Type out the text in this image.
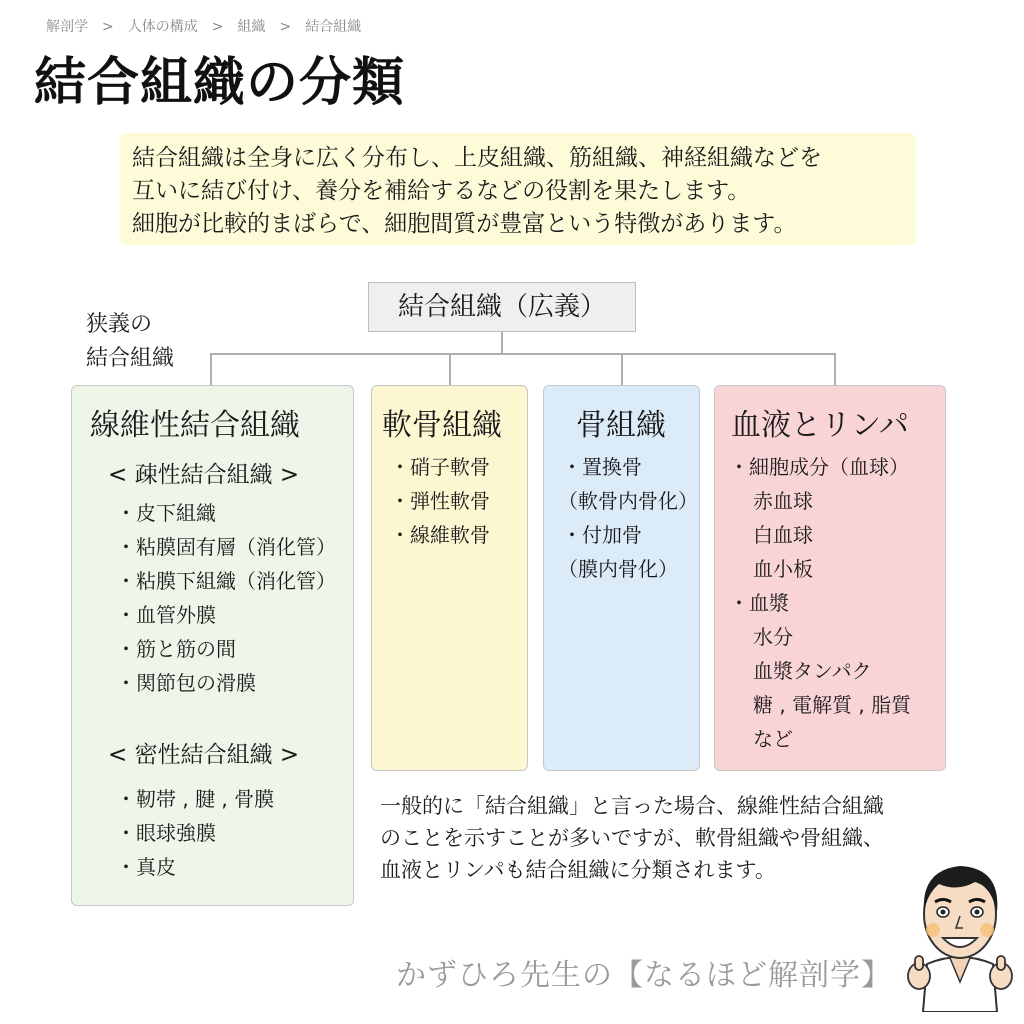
解剖学 > 人体の構成 > 組織 > 結合組織
結合組織の分類
結合組織は全身に広く分布し、上皮組織、筋組織、神経組織などを
互いに結び付け、養分を補給するなどの役割を果たします。
細胞が比較的まばらで、細胞間質が豊富という特徴があります。
狭義の
結合組織
結合組織（広義）
線維性結合組織
< 疎性結合組織 >
・皮下組織
・粘膜固有層（消化管）
・粘膜下組織（消化管）
・血管外膜
・筋と筋の間
・関節包の滑膜
< 密性結合組織 >
・靭帯 , 腱 , 骨膜
・眼球強膜
・真皮
軟骨組織
・硝子軟骨
・弾性軟骨
・線維軟骨
骨組織
・置換骨
（軟骨内骨化）
・付加骨
（膜内骨化）
血液とリンパ
・細胞成分（血球）
赤血球
白血球
血小板
・血漿
水分
血漿タンパク
糖 , 電解質 , 脂質
など
一般的に「結合組織」と言った場合、線維性結合組織
のことを示すことが多いですが、軟骨組織や骨組織、
血液とリンパも結合組織に分類されます。
かずひろ先生の【なるほど解剖学】
